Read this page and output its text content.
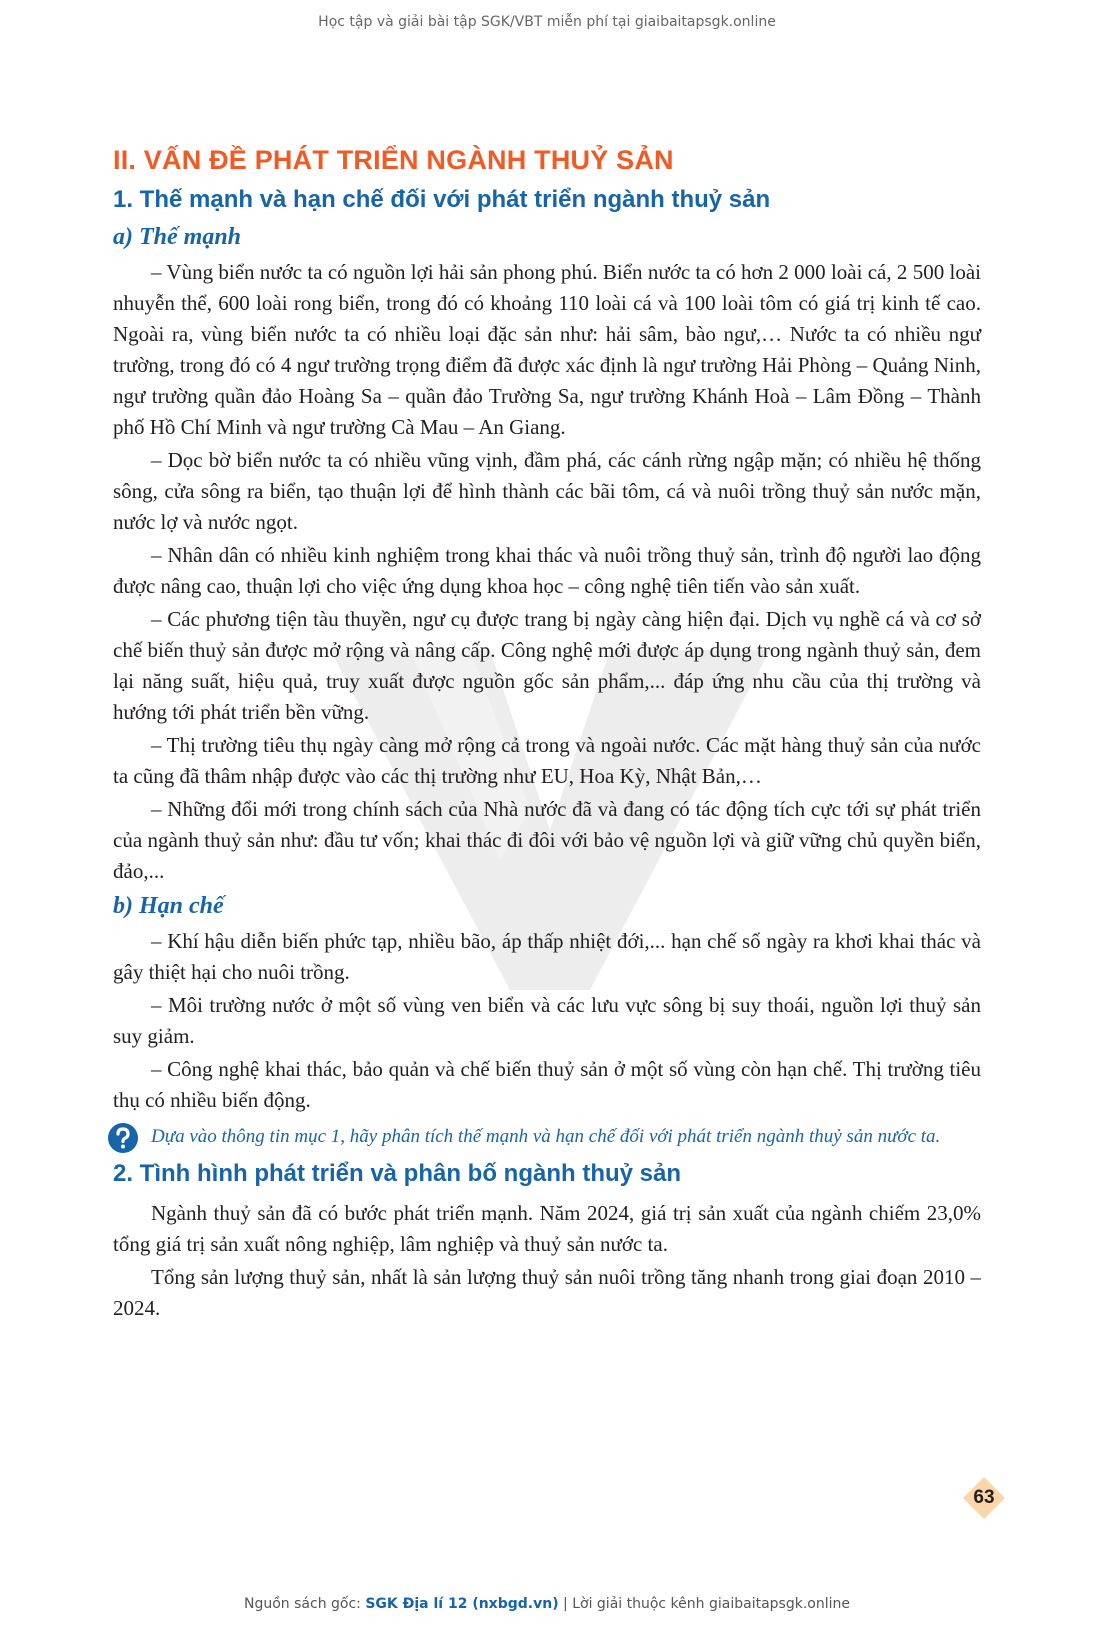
Học tập và giải bài tập SGK/VBT miễn phí tại giaibaitapsgk.online
II. VẤN ĐỀ PHÁT TRIỂN NGÀNH THUỶ SẢN
1. Thế mạnh và hạn chế đối với phát triển ngành thuỷ sản
a) Thế mạnh

– Vùng biển nước ta có nguồn lợi hải sản phong phú. Biển nước ta có hơn 2 000 loài cá, 2 500 loài nhuyễn thể, 600 loài rong biển, trong đó có khoảng 110 loài cá và 100 loài tôm có giá trị kinh tế cao. Ngoài ra, vùng biển nước ta có nhiều loại đặc sản như: hải sâm, bào ngư,… Nước ta có nhiều ngư trường, trong đó có 4 ngư trường trọng điểm đã được xác định là ngư trường Hải Phòng – Quảng Ninh, ngư trường quần đảo Hoàng Sa – quần đảo Trường Sa, ngư trường Khánh Hoà – Lâm Đồng – Thành phố Hồ Chí Minh và ngư trường Cà Mau – An Giang.

– Dọc bờ biển nước ta có nhiều vũng vịnh, đầm phá, các cánh rừng ngập mặn; có nhiều hệ thống sông, cửa sông ra biển, tạo thuận lợi để hình thành các bãi tôm, cá và nuôi trồng thuỷ sản nước mặn, nước lợ và nước ngọt.

– Nhân dân có nhiều kinh nghiệm trong khai thác và nuôi trồng thuỷ sản, trình độ người lao động được nâng cao, thuận lợi cho việc ứng dụng khoa học – công nghệ tiên tiến vào sản xuất.

– Các phương tiện tàu thuyền, ngư cụ được trang bị ngày càng hiện đại. Dịch vụ nghề cá và cơ sở chế biến thuỷ sản được mở rộng và nâng cấp. Công nghệ mới được áp dụng trong ngành thuỷ sản, đem lại năng suất, hiệu quả, truy xuất được nguồn gốc sản phẩm,... đáp ứng nhu cầu của thị trường và hướng tới phát triển bền vững.

– Thị trường tiêu thụ ngày càng mở rộng cả trong và ngoài nước. Các mặt hàng thuỷ sản của nước ta cũng đã thâm nhập được vào các thị trường như EU, Hoa Kỳ, Nhật Bản,…

– Những đổi mới trong chính sách của Nhà nước đã và đang có tác động tích cực tới sự phát triển của ngành thuỷ sản như: đầu tư vốn; khai thác đi đôi với bảo vệ nguồn lợi và giữ vững chủ quyền biển, đảo,...

b) Hạn chế

– Khí hậu diễn biến phức tạp, nhiều bão, áp thấp nhiệt đới,... hạn chế số ngày ra khơi khai thác và gây thiệt hại cho nuôi trồng.

– Môi trường nước ở một số vùng ven biển và các lưu vực sông bị suy thoái, nguồn lợi thuỷ sản suy giảm.

– Công nghệ khai thác, bảo quản và chế biến thuỷ sản ở một số vùng còn hạn chế. Thị trường tiêu thụ có nhiều biến động.

Dựa vào thông tin mục 1, hãy phân tích thế mạnh và hạn chế đối với phát triển ngành thuỷ sản nước ta.
2. Tình hình phát triển và phân bố ngành thuỷ sản

Ngành thuỷ sản đã có bước phát triển mạnh. Năm 2024, giá trị sản xuất của ngành chiếm 23,0% tổng giá trị sản xuất nông nghiệp, lâm nghiệp và thuỷ sản nước ta.

Tổng sản lượng thuỷ sản, nhất là sản lượng thuỷ sản nuôi trồng tăng nhanh trong giai đoạn 2010 – 2024.

63
Nguồn sách gốc: SGK Địa lí 12 (nxbgd.vn) | Lời giải thuộc kênh giaibaitapsgk.online
